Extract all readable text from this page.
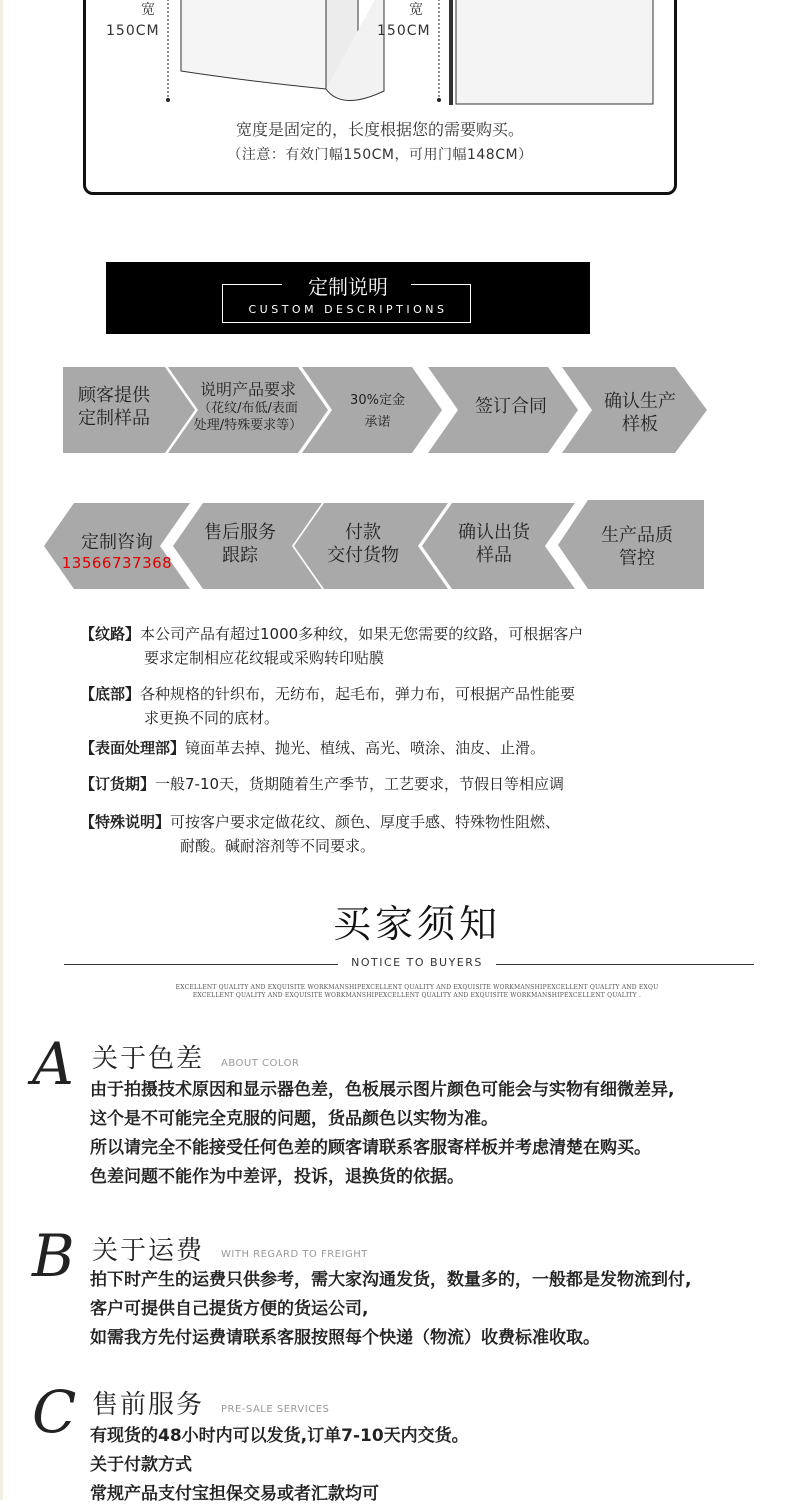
宽	宽
150CM	150CM
宽度是固定的，长度根据您的需要购买。
（注意：有效门幅150CM，可用门幅148CM）
定制说明
CUSTOM DESCRIPTIONS
顾客提供
定制样品
说明产品要求
（花纹/布低/表面
处理/特殊要求等）
30%定金
承诺
签订合同	确认生产
样板
定制咨询
13566737368
售后服务
跟踪
付款
交付货物
确认出货
样品
生产品质
管控
【纹路】本公司产品有超过1000多种纹，如果无您需要的纹路，可根据客户
要求定制相应花纹辊或采购转印贴膜
【底部】各种规格的针织布，无纺布，起毛布，弹力布，可根据产品性能要
求更换不同的底材。
【表面处理部】镜面革去掉、抛光、植绒、高光、喷涂、油皮、止滑。
【订货期】一般7-10天，货期随着生产季节，工艺要求，节假日等相应调
【特殊说明】可按客户要求定做花纹、颜色、厚度手感、特殊物性阻燃、
耐酸。碱耐溶剂等不同要求。
买家须知
NOTICE TO BUYERS
EXCELLENT QUALITY AND EXQUISITE WORKMANSHIPEXCELLENT QUALITY AND EXQUISITE WORKMANSHIPEXCELLENT QUALITY AND EXQU
EXCELLENT QUALITY AND EXQUISITE WORKMANSHIPEXCELLENT QUALITY AND EXQUISITE WORKMANSHIPEXCELLENT QUALITY .
A 关于色差 ABOUT COLOR
由于拍摄技术原因和显示器色差，色板展示图片颜色可能会与实物有细微差异,
这个是不可能完全克服的问题，货品颜色以实物为准。
所以请完全不能接受任何色差的顾客请联系客服寄样板并考虑清楚在购买。
色差问题不能作为中差评，投诉，退换货的依据。
B 关于运费 WITH REGARD TO FREIGHT
拍下时产生的运费只供参考，需大家沟通发货，数量多的，一般都是发物流到付,
客户可提供自己提货方便的货运公司,
如需我方先付运费请联系客服按照每个快递（物流）收费标准收取。
C 售前服务 PRE-SALE SERVICES
有现货的48小时内可以发货,订单7-10天内交货。
关于付款方式
常规产品支付宝担保交易或者汇款均可
